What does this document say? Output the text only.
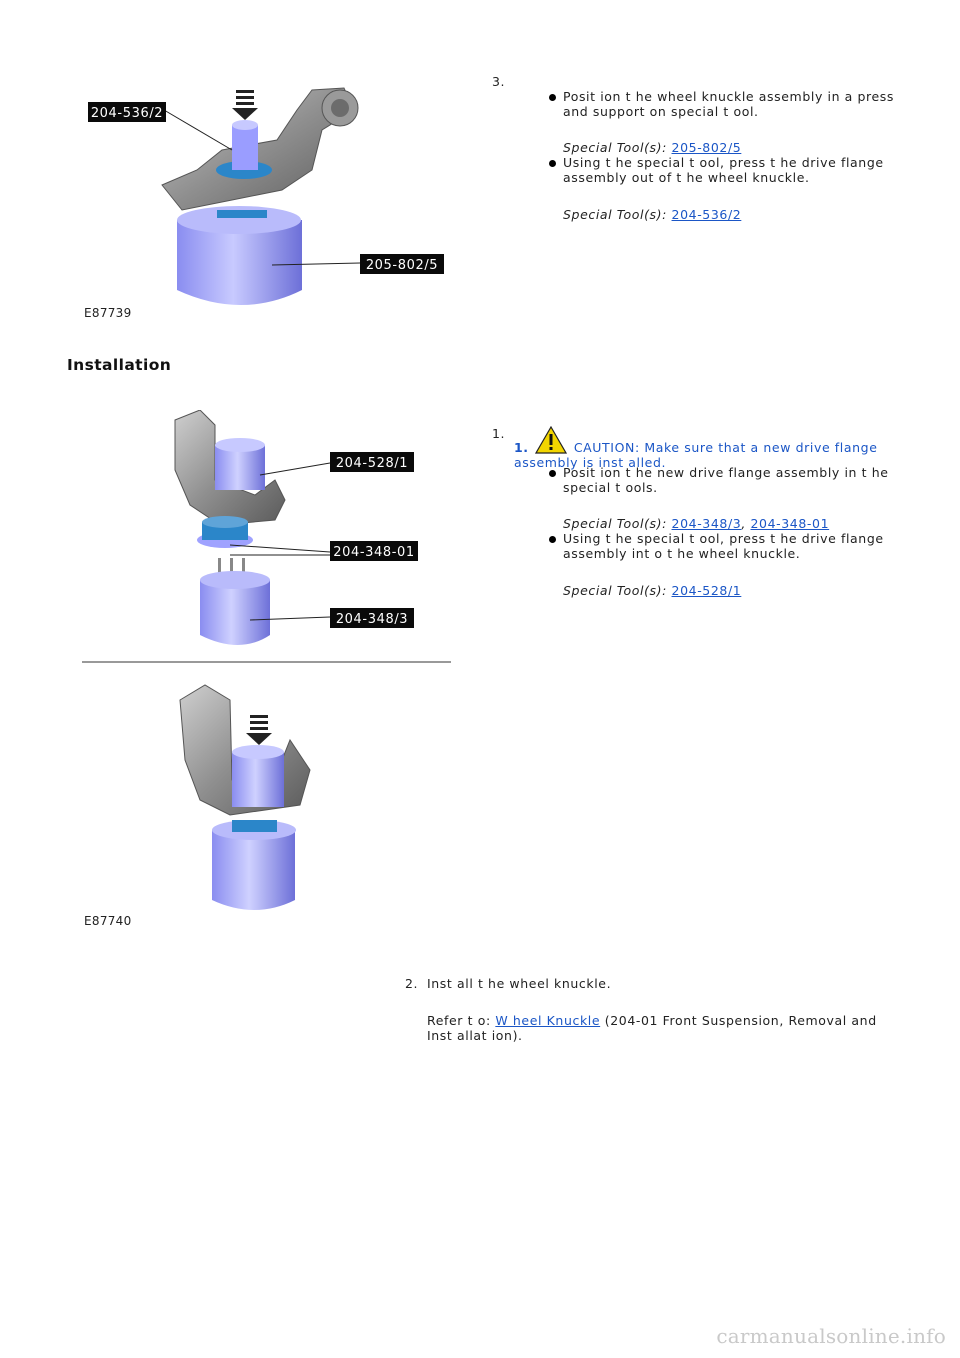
204-536/2
205-802/5
E87739
3.
Posit ion t he wheel knuckle assembly in a press
and support on special t ool.
Special Tool(s): 205-802/5
Using t he special t ool, press t he drive flange
assembly out of t he wheel knuckle.
Special Tool(s): 204-536/2
Installation
204-528/1
204-348-01
204-348/3
E87740
1.
1.	CAUTION: Make sure that a new drive flange
assembly is inst alled.
Posit ion t he new drive flange assembly in t he
special t ools.
Special Tool(s): 204-348/3, 204-348-01
Using t he special t ool, press t he drive flange
assembly int o t he wheel knuckle.
Special Tool(s): 204-528/1
2. Inst all t he wheel knuckle.
Refer t o: W heel Knuckle (204-01 Front Suspension, Removal and
Inst allat ion).
carmanualsonline.info
